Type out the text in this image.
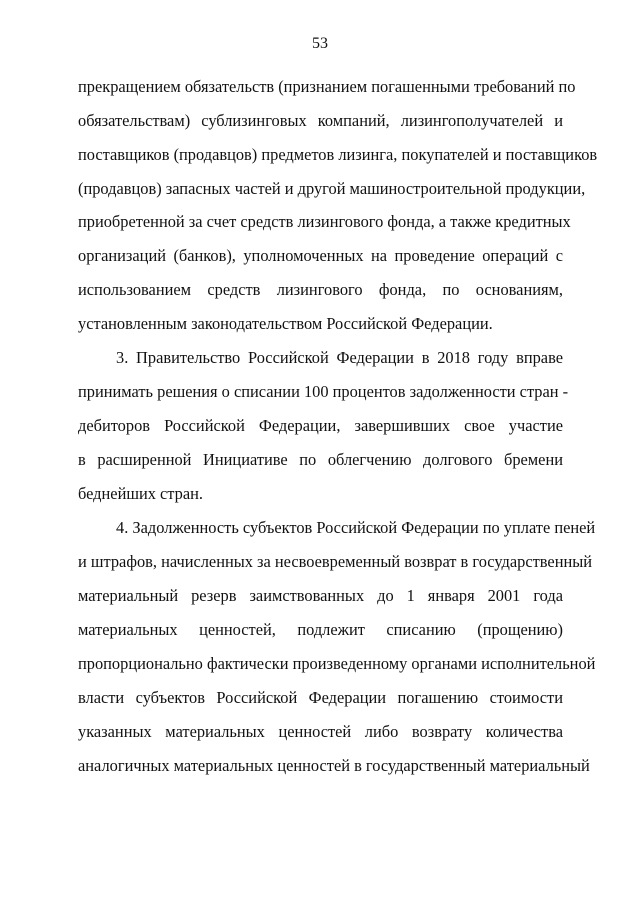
53
прекращением обязательств (признанием погашенными требований по
обязательствам) сублизинговых компаний, лизингополучателей и
поставщиков (продавцов) предметов лизинга, покупателей и поставщиков
(продавцов) запасных частей и другой машиностроительной продукции,
приобретенной за счет средств лизингового фонда, а также кредитных
организаций (банков), уполномоченных на проведение операций с
использованием средств лизингового фонда, по основаниям,
установленным законодательством Российской Федерации.
3. Правительство Российской Федерации в 2018 году вправе
принимать решения о списании 100 процентов задолженности стран -
дебиторов Российской Федерации, завершивших свое участие
в расширенной Инициативе по облегчению долгового бремени
беднейших стран.
4. Задолженность субъектов Российской Федерации по уплате пеней
и штрафов, начисленных за несвоевременный возврат в государственный
материальный резерв заимствованных до 1 января 2001 года
материальных ценностей, подлежит списанию (прощению)
пропорционально фактически произведенному органами исполнительной
власти субъектов Российской Федерации погашению стоимости
указанных материальных ценностей либо возврату количества
аналогичных материальных ценностей в государственный материальный
